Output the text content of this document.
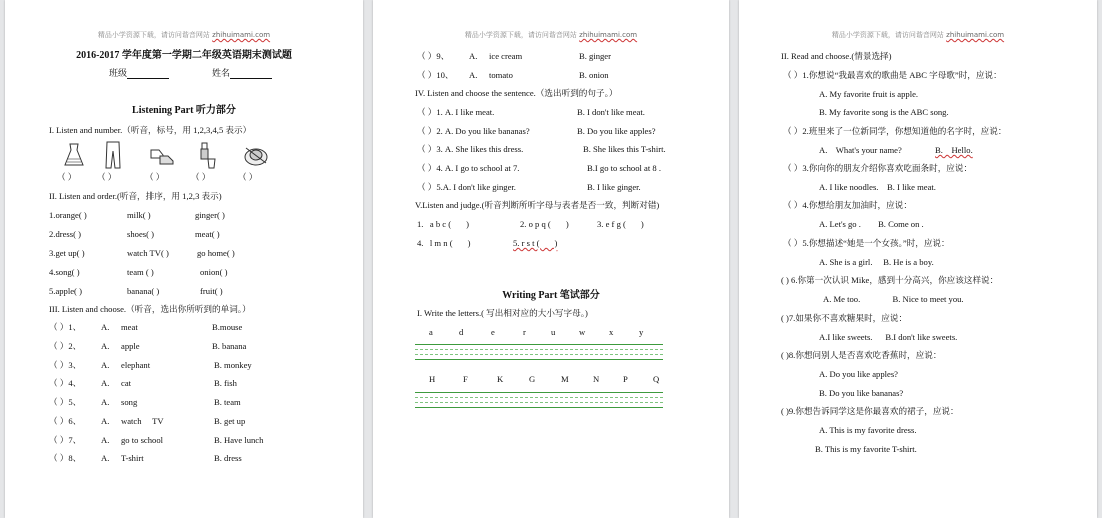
精品小学资源下载，请访问谐音网站 zhihuimami.com
2016-2017 学年度第一学期二年级英语期末测试题
班级	姓名
Listening Part 听力部分
I. Listen and number.（听音，标号，用 1,2,3,4,5 表示）
（ ） （ ）	（ ）	（ ）	（ ）
II. Listen and order.(听音，排序，用 1,2,3 表示)
1.orange( )	milk( )	ginger( )
2.dress( )	shoes( )	meat( )
3.get up( )	watch TV( )	go home( )
4.song( )	team ( )	onion( )
5.apple( )	banana( )	fruit( )
III. Listen and choose.（听音，选出你所听到的单词。）
（ ）1、 A. meat	B.mouse
（ ）2、 A. apple	B. banana
（ ）3、 A. elephant	B. monkey
（ ）4、 A. cat	B. fish
（ ）5、 A. song	B. team
（ ）6、 A. watch     TV	B. get up
（ ）7、 A. go to school	B. Have lunch
（ ）8、 A. T-shirt	B. dress
精品小学资源下载，请访问谐音网站 zhihuimami.com
（ ）9、 A. ice cream	B. ginger
（ ）10、 A. tomato	B. onion
IV. Listen and choose the sentence.（选出听到的句子。）
（ ）1. A. I like meat.	B. I don't like meat.
（ ）2. A. Do you like bananas?	B. Do you like apples?
（ ）3. A. She likes this dress.	B. She likes this T-shirt.
（ ）4. A. I go to school at 7.	B.I go to school at 8 .
（ ）5.A. I don't like ginger.	B. I like ginger.
V.Listen and judge.(听音判断所听字母与表者是否一致，判断对错)
1.   a b c (       )	2. o p q (       )	3. e f g (       )
4.   l m n (       )	5. r s t (       )
Writing Part 笔试部分
I. Write the letters.( 写出相对应的大小写字母。)
a	d	e	r	u	w	x	y
H	F	K	G	M	N	P	Q
精品小学资源下载，请访问谐音网站 zhihuimami.com
II. Read and choose.(情景选择)
（ ）1.你想说“我最喜欢的歌曲是 ABC 字母歌”时，应说：
A. My favorite fruit is apple.
B. My favorite song is the ABC song.
（ ）2.班里来了一位新同学，你想知道他的名字时，应说：
A.    What's your name?	B.    Hello.
（ ）3.你向你的朋友介绍你喜欢吃面条时，应说：
A. I like noodles.    B. I like meat.
（ ）4.你想给朋友加油时，应说：
A. Let's go .        B. Come on .
（ ）5.你想描述“她是一个女孩。”时，应说：
A. She is a girl.     B. He is a boy.
( ) 6.你第一次认识 Mike，感到十分高兴，你应该这样说：
A. Me too.               B. Nice to meet you.
( )7.如果你不喜欢糖果时，应说：
A.I like sweets.      B.I don't like sweets.
( )8.你想问别人是否喜欢吃香蕉时，应说：
A. Do you like apples?
B. Do you like bananas?
( )9.你想告诉同学这是你最喜欢的裙子，应说：
A. This is my favorite dress.
B. This is my favorite T-shirt.
